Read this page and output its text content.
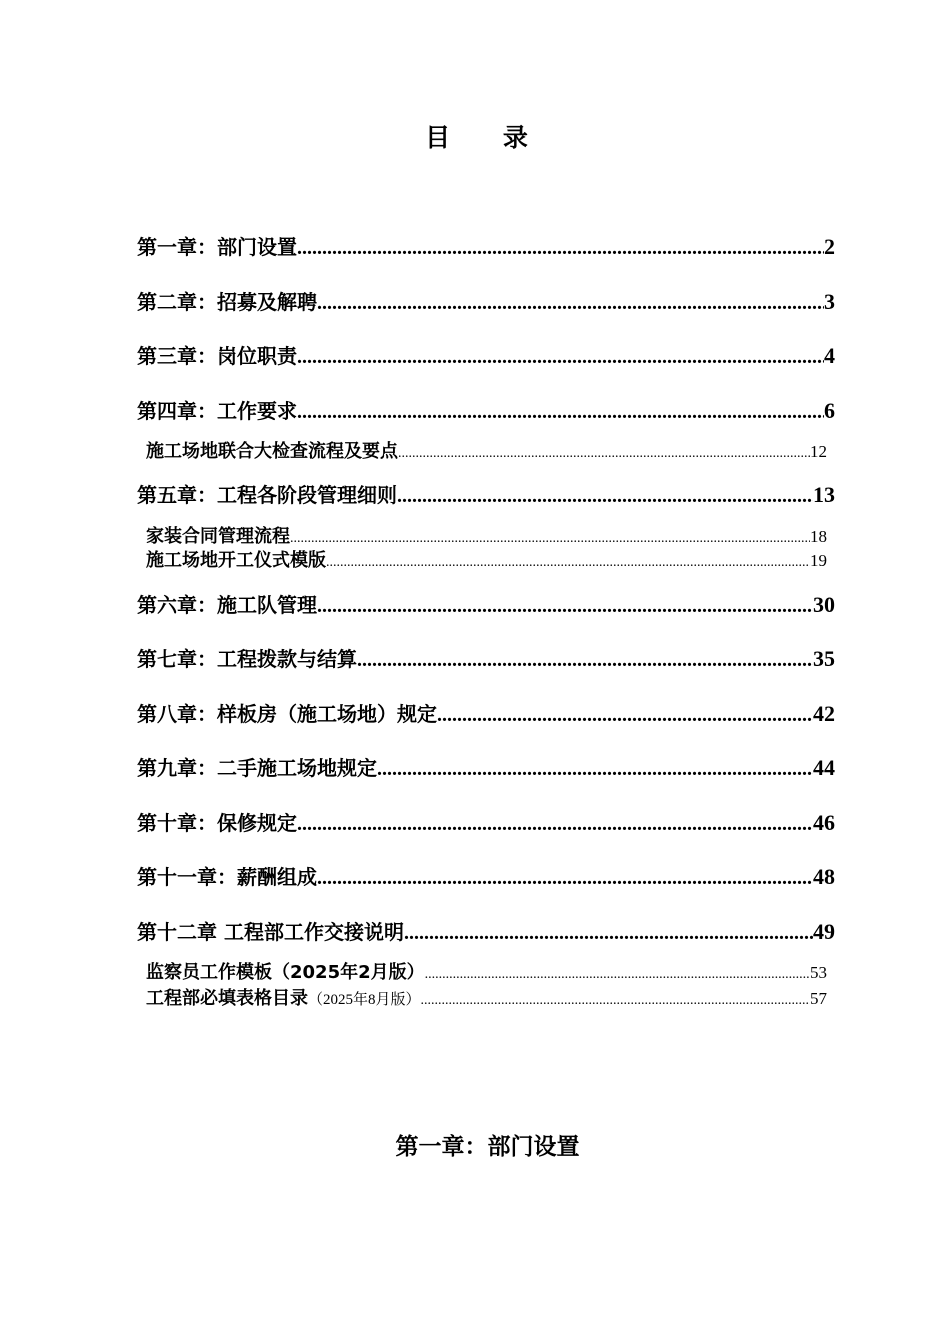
目 录
第一章：部门设置 .....	2
第二章：招募及解聘 .....	3
第三章：岗位职责 .....	4
第四章：工作要求 .....	6
施工场地联合大检查流程及要点 .....	12
第五章：工程各阶段管理细则 .....	13
家装合同管理流程 .....	18
施工场地开工仪式模版 .....	19
第六章：施工队管理 .....	30
第七章：工程拨款与结算 .....	35
第八章：样板房（施工场地）规定 .....	42
第九章：二手施工场地规定 .....	44
第十章：保修规定 .....	46
第十一章：薪酬组成 .....	48
第十二章 工程部工作交接说明 .....	49
监察员工作模板（2025年2月版） .....	53
工程部必填表格目录（2025年8月版） .....	57
第一章：部门设置
